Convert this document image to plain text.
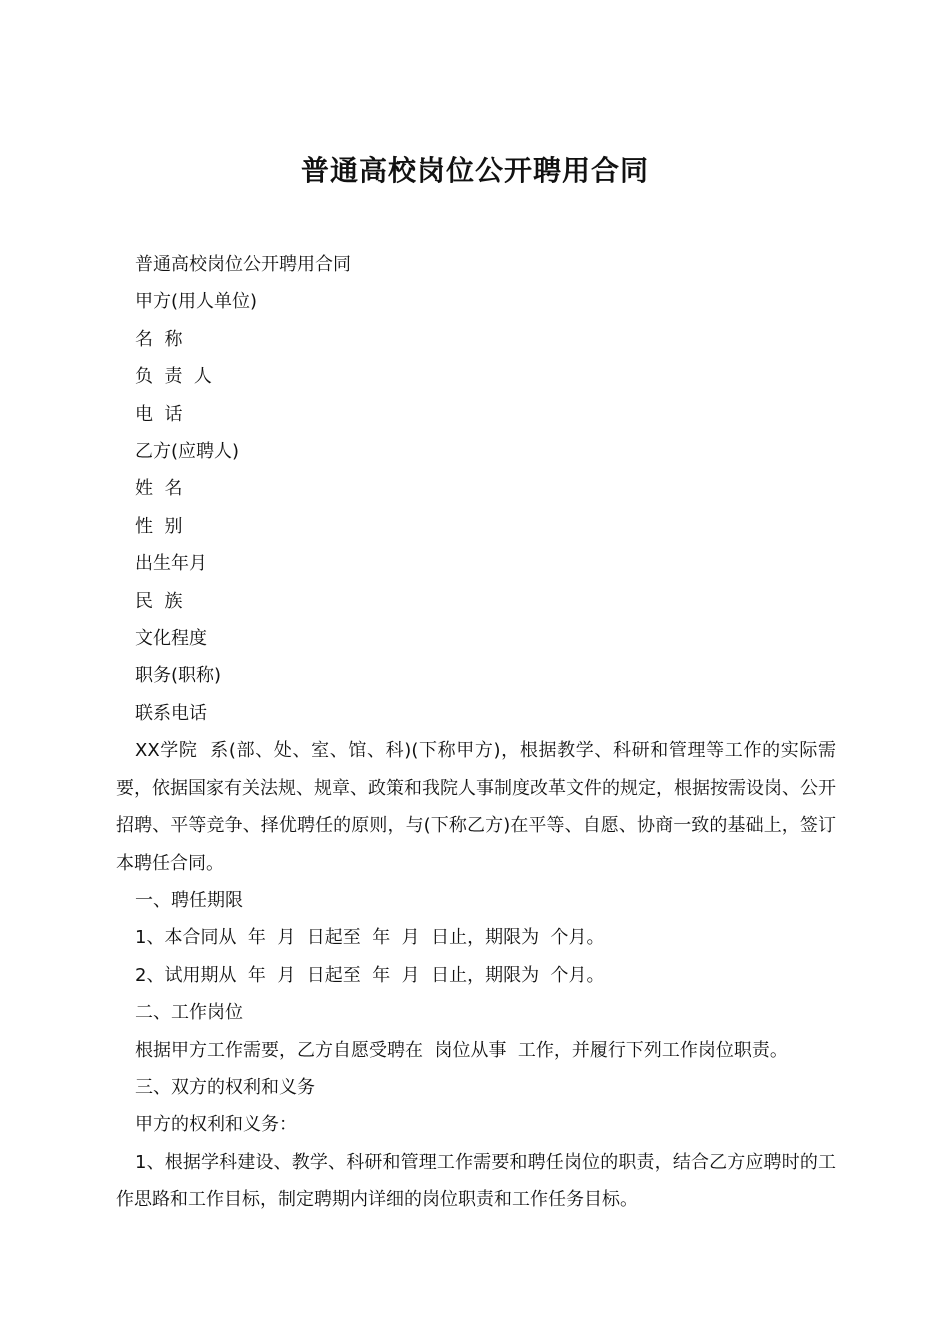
普通高校岗位公开聘用合同

普通高校岗位公开聘用合同

甲方(用人单位)

名  称

负  责  人

电  话

乙方(应聘人)

姓  名

性  别

出生年月

民  族

文化程度

职务(职称)

联系电话

XX学院  系(部、处、室、馆、科)(下称甲方)，根据教学、科研和管理等工作的实际需要，依据国家有关法规、规章、政策和我院人事制度改革文件的规定，根据按需设岗、公开招聘、平等竞争、择优聘任的原则，与(下称乙方)在平等、自愿、协商一致的基础上，签订本聘任合同。

一、聘任期限

1、本合同从  年  月  日起至  年  月  日止，期限为  个月。

2、试用期从  年  月  日起至  年  月  日止，期限为  个月。

二、工作岗位

根据甲方工作需要，乙方自愿受聘在  岗位从事  工作，并履行下列工作岗位职责。

三、双方的权利和义务

甲方的权利和义务：

1、根据学科建设、教学、科研和管理工作需要和聘任岗位的职责，结合乙方应聘时的工作思路和工作目标，制定聘期内详细的岗位职责和工作任务目标。
